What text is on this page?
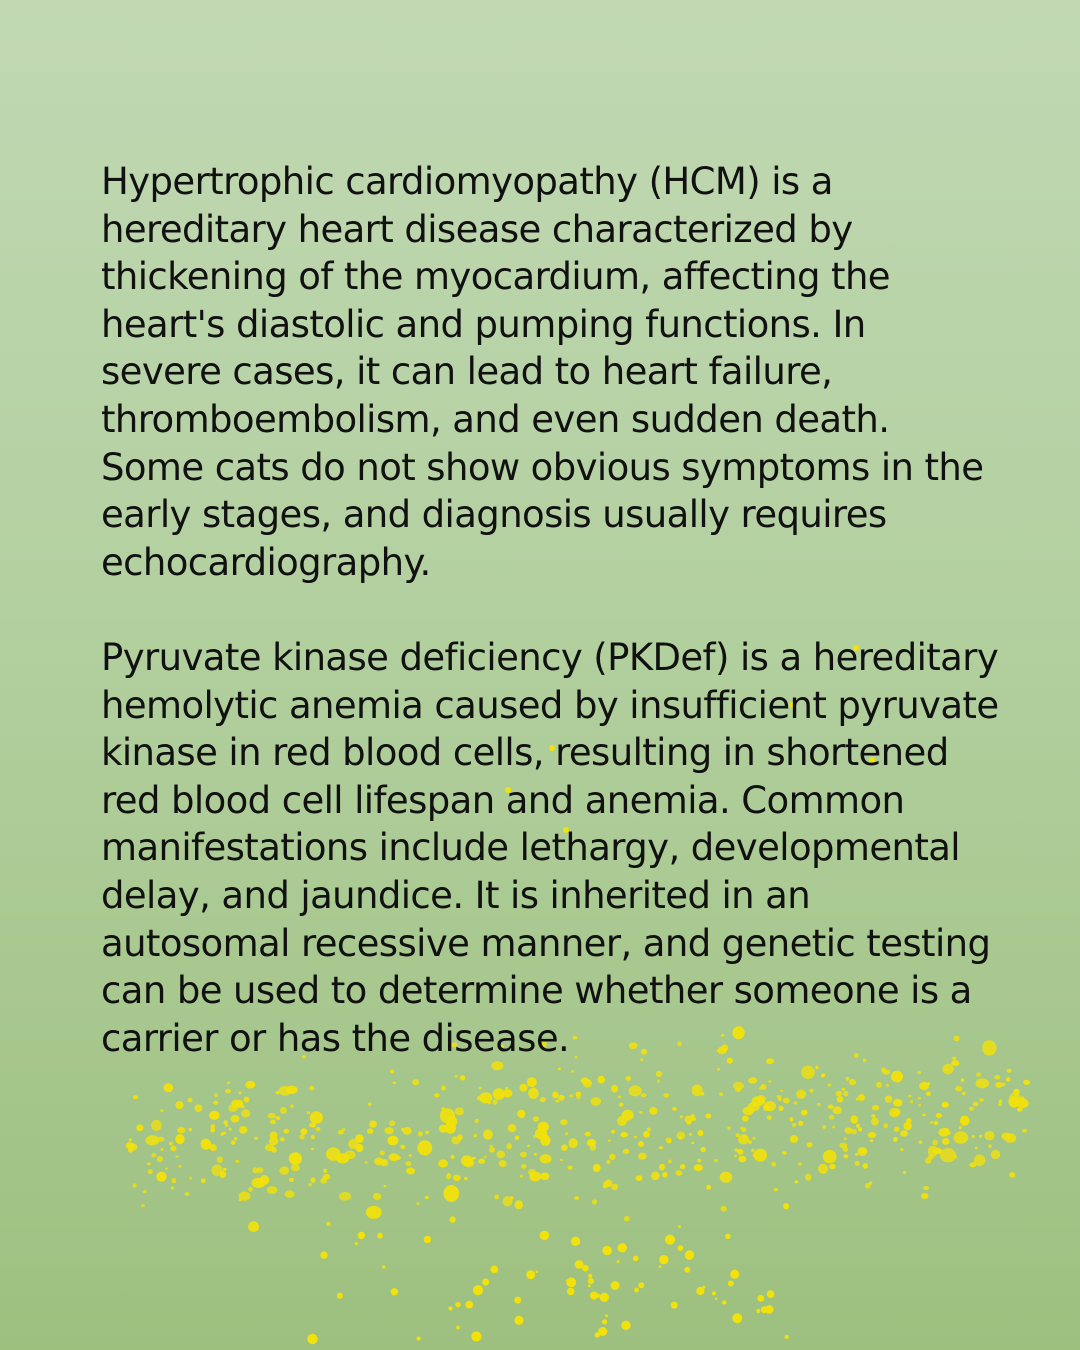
Hypertrophic cardiomyopathy (HCM) is a
hereditary heart disease characterized by
thickening of the myocardium, affecting the
heart's diastolic and pumping functions. In
severe cases, it can lead to heart failure,
thromboembolism, and even sudden death.
Some cats do not show obvious symptoms in the
early stages, and diagnosis usually requires
echocardiography.

Pyruvate kinase deficiency (PKDef) is a hereditary
hemolytic anemia caused by insufficient pyruvate
kinase in red blood cells, resulting in shortened
red blood cell lifespan and anemia. Common
manifestations include lethargy, developmental
delay, and jaundice. It is inherited in an
autosomal recessive manner, and genetic testing
can be used to determine whether someone is a
carrier or has the disease.
